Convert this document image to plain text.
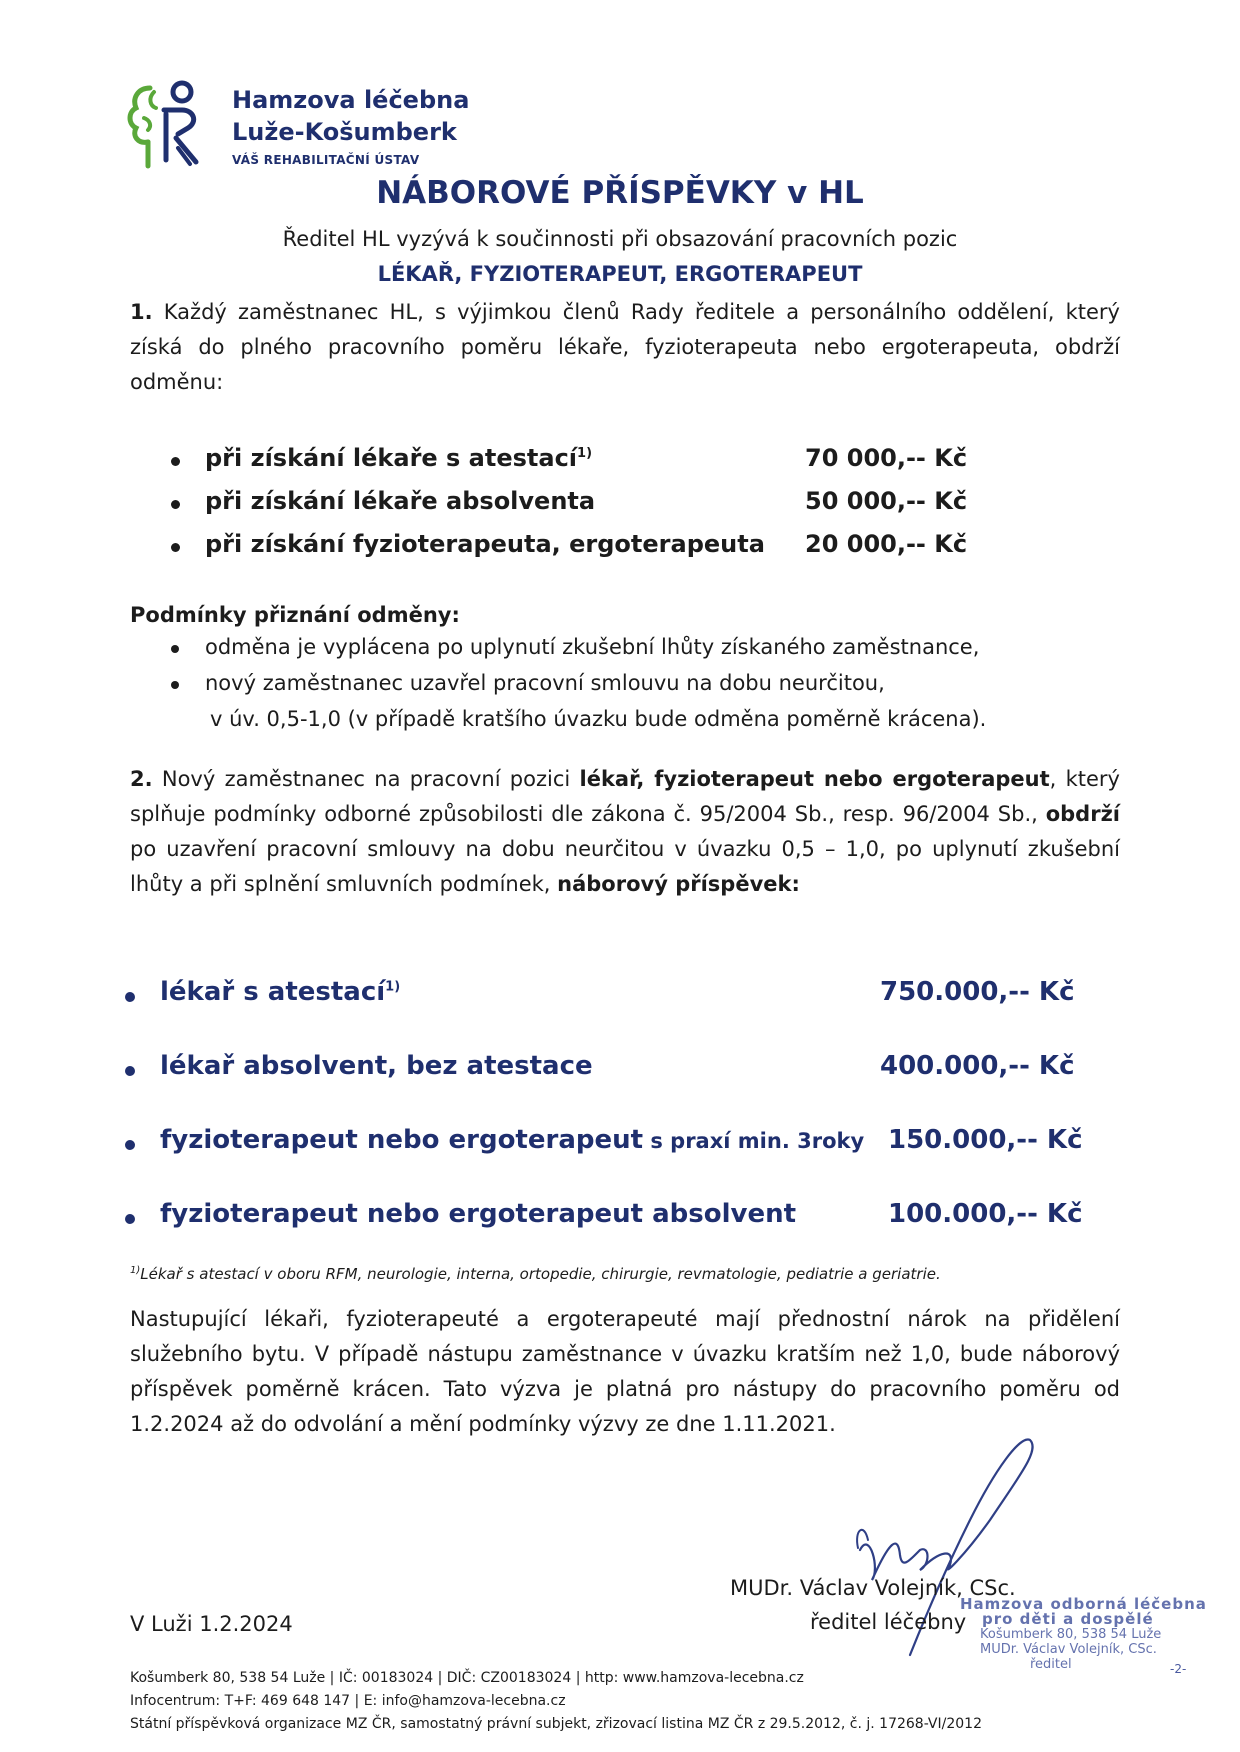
Hamzova léčebna
Luže-Košumberk
VÁŠ REHABILITAČNÍ ÚSTAV
NÁBOROVÉ PŘÍSPĚVKY v HL
Ředitel HL vyzývá k součinnosti při obsazování pracovních pozic
LÉKAŘ, FYZIOTERAPEUT, ERGOTERAPEUT
1. Každý zaměstnanec HL, s výjimkou členů Rady ředitele a personálního oddělení, který získá do plného pracovního poměru lékaře, fyzioterapeuta nebo ergoterapeuta, obdrží odměnu:
při získání lékaře s atestací$^{1)}$	70 000,-- Kč
při získání lékaře absolventa	50 000,-- Kč
při získání fyzioterapeuta, ergoterapeuta 20 000,-- Kč
Podmínky přiznání odměny:
odměna je vyplácena po uplynutí zkušební lhůty získaného zaměstnance,
nový zaměstnanec uzavřel pracovní smlouvu na dobu neurčitou,
v úv. 0,5-1,0 (v případě kratšího úvazku bude odměna poměrně krácena).
2. Nový zaměstnanec na pracovní pozici lékař, fyzioterapeut nebo ergoterapeut, který splňuje podmínky odborné způsobilosti dle zákona č. 95/2004 Sb., resp. 96/2004 Sb., obdrží po uzavření pracovní smlouvy na dobu neurčitou v úvazku 0,5 – 1,0, po uplynutí zkušební lhůty a při splnění smluvních podmínek, náborový příspěvek:
lékař s atestací$^{1)}$	750.000,-- Kč
lékař absolvent, bez atestace	400.000,-- Kč
fyzioterapeut nebo ergoterapeut s praxí min. 3roky 150.000,-- Kč
fyzioterapeut nebo ergoterapeut absolvent	100.000,-- Kč
$^{1)}$Lékař s atestací v oboru RFM, neurologie, interna, ortopedie, chirurgie, revmatologie, pediatrie a geriatrie.
Nastupující lékaři, fyzioterapeuté a ergoterapeuté mají přednostní nárok na přidělení služebního bytu. V případě nástupu zaměstnance v úvazku kratším než 1,0, bude náborový příspěvek poměrně krácen. Tato výzva je platná pro nástupy do pracovního poměru od 1.2.2024 až do odvolání a mění podmínky výzvy ze dne 1.11.2021.
V Luži 1.2.2024
MUDr. Václav Volejník, CSc.
ředitel léčebny
Hamzova odborná léčebna
pro děti a dospělé
Košumberk 80, 538 54 Luže
MUDr. Václav Volejník, CSc.
ředitel	-2-
Košumberk 80, 538 54 Luže | IČ: 00183024 | DIČ: CZ00183024 | http: www.hamzova-lecebna.cz
Infocentrum: T+F: 469 648 147 | E: info@hamzova-lecebna.cz
Státní příspěvková organizace MZ ČR, samostatný právní subjekt, zřizovací listina MZ ČR z 29.5.2012, č. j. 17268-VI/2012
